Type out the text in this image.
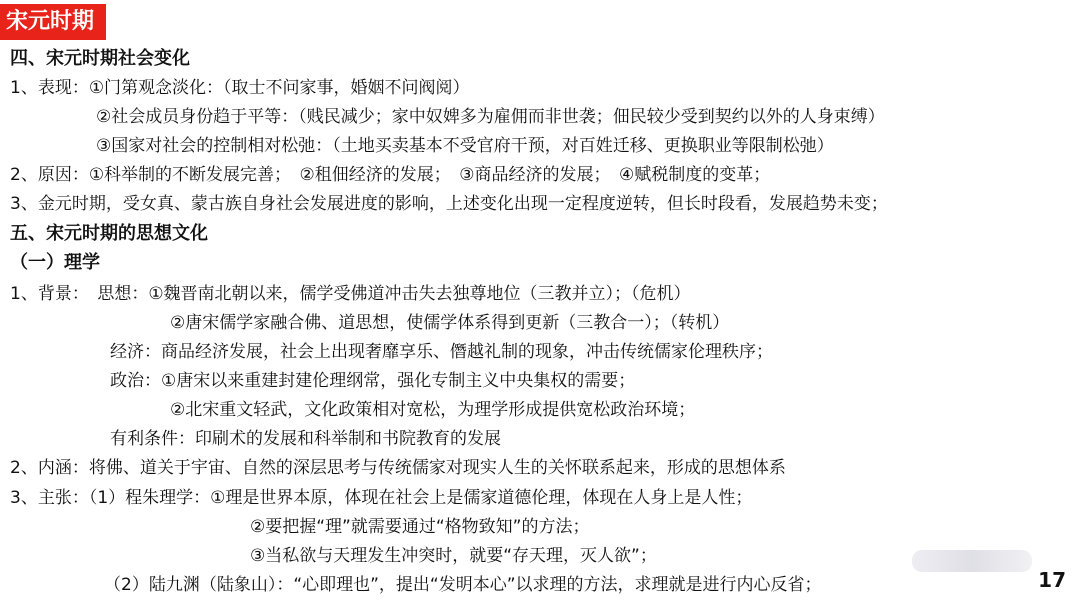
宋元时期
四、宋元时期社会变化
1、表现：①门第观念淡化：（取士不问家事，婚姻不问阀阅）
②社会成员身份趋于平等：（贱民减少；家中奴婢多为雇佣而非世袭；佃民较少受到契约以外的人身束缚）
③国家对社会的控制相对松弛：（土地买卖基本不受官府干预，对百姓迁移、更换职业等限制松弛）
2、原因：①科举制的不断发展完善；　②租佃经济的发展；　③商品经济的发展；　④赋税制度的变革；
3、金元时期，受女真、蒙古族自身社会发展进度的影响，上述变化出现一定程度逆转，但长时段看，发展趋势未变；
五、宋元时期的思想文化
（一）理学
1、背景：　思想：①魏晋南北朝以来，儒学受佛道冲击失去独尊地位（三教并立）；（危机）
②唐宋儒学家融合佛、道思想，使儒学体系得到更新（三教合一）；（转机）
经济：商品经济发展，社会上出现奢靡享乐、僭越礼制的现象，冲击传统儒家伦理秩序；
政治：①唐宋以来重建封建伦理纲常，强化专制主义中央集权的需要；
②北宋重文轻武，文化政策相对宽松，为理学形成提供宽松政治环境；
有利条件：印刷术的发展和科举制和书院教育的发展
2、内涵：将佛、道关于宇宙、自然的深层思考与传统儒家对现实人生的关怀联系起来，形成的思想体系
3、主张：（1）程朱理学：①理是世界本原，体现在社会上是儒家道德伦理，体现在人身上是人性；
②要把握“理”就需要通过“格物致知”的方法；
③当私欲与天理发生冲突时，就要“存天理，灭人欲”；
（2）陆九渊（陆象山）：“心即理也”，提出“发明本心”以求理的方法，求理就是进行内心反省；	17
